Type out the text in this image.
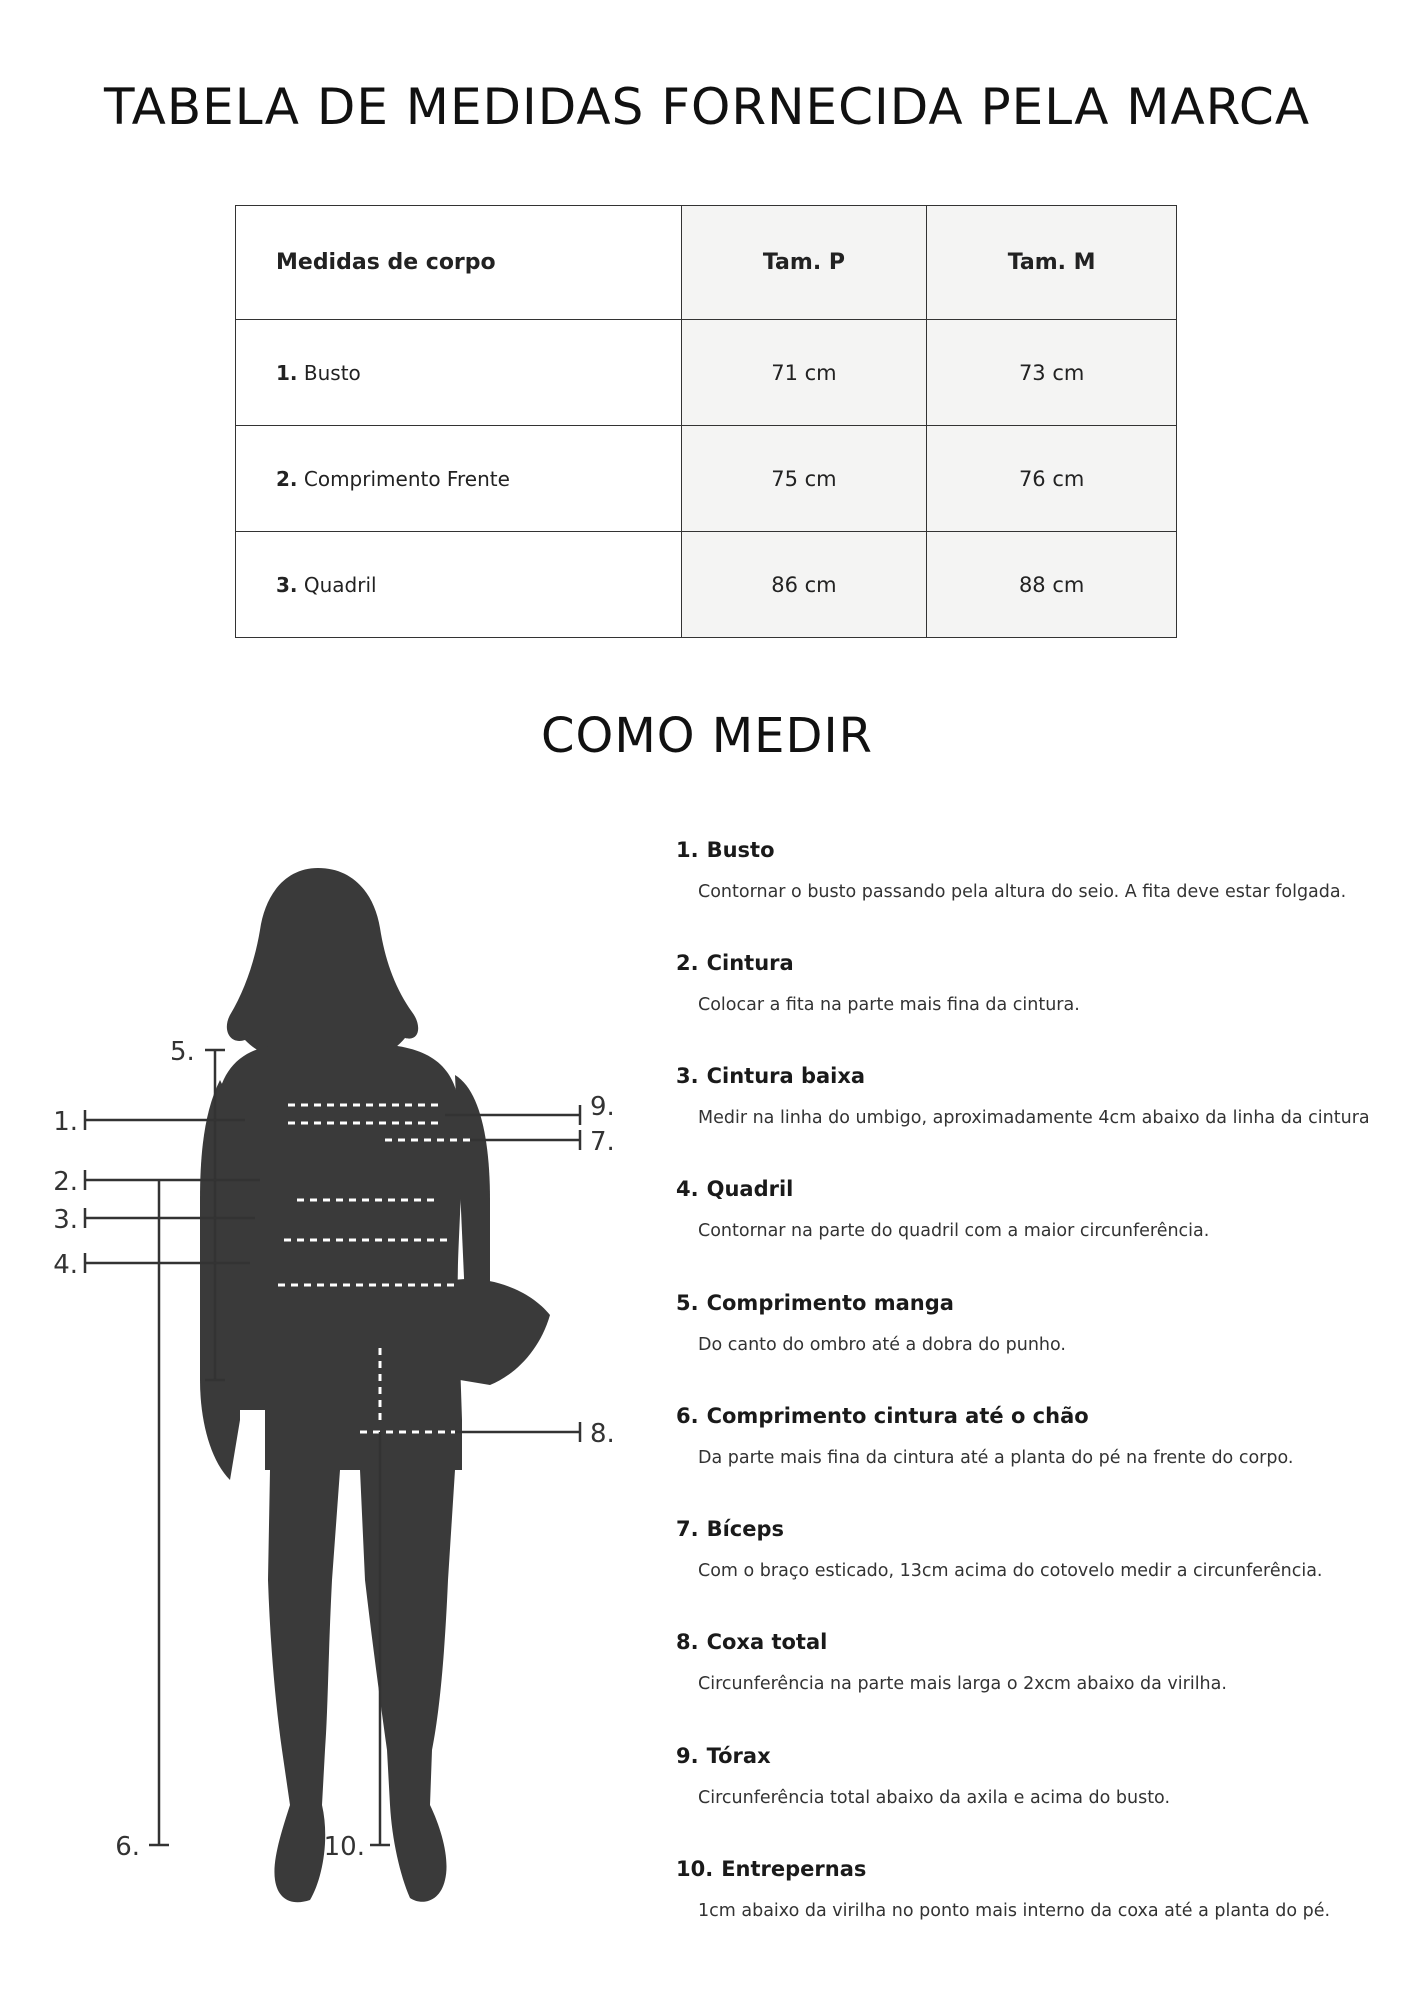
TABELA DE MEDIDAS FORNECIDA PELA MARCA
Medidas de corpo	Tam. P	Tam. M
1. Busto	71 cm	73 cm
2. Comprimento Frente	75 cm	76 cm
3. Quadril	86 cm	88 cm
COMO MEDIR
5.
1.
2.
3.
4.
9.
7.
8.
6.	10.
1. Busto
Contornar o busto passando pela altura do seio. A fita deve estar folgada.
2. Cintura
Colocar a fita na parte mais fina da cintura.
3. Cintura baixa
Medir na linha do umbigo, aproximadamente 4cm abaixo da linha da cintura
4. Quadril
Contornar na parte do quadril com a maior circunferência.
5. Comprimento manga
Do canto do ombro até a dobra do punho.
6. Comprimento cintura até o chão
Da parte mais fina da cintura até a planta do pé na frente do corpo.
7. Bíceps
Com o braço esticado, 13cm acima do cotovelo medir a circunferência.
8. Coxa total
Circunferência na parte mais larga o 2xcm abaixo da virilha.
9. Tórax
Circunferência total abaixo da axila e acima do busto.
10. Entrepernas
1cm abaixo da virilha no ponto mais interno da coxa até a planta do pé.
